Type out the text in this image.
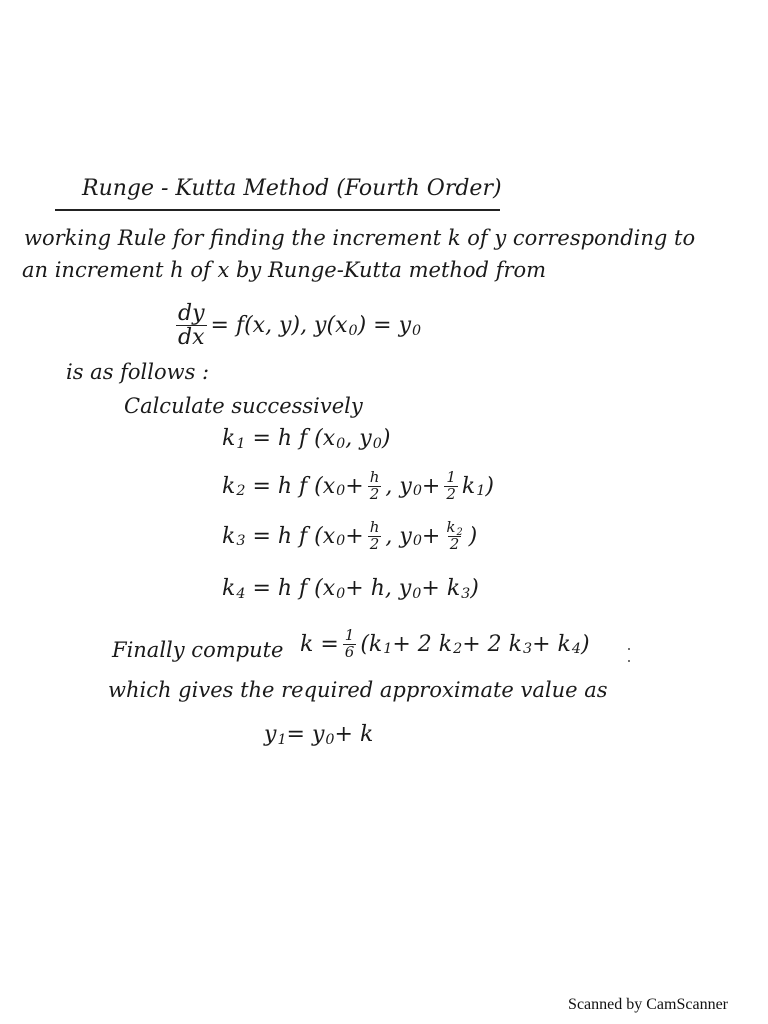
Runge - Kutta Method (Fourth Order)
working Rule for finding the increment k of y corresponding to
an increment h of x by Runge-Kutta method from
$\frac{dy}{dx} = f(x$, y), y(x 0 ) = y 0
is as follows :
Calculate successively
k 1
= h f (x 0 , y 0 )
k 2
= h f (x $0 + \frac{h}{2}$ , y $0 + \frac{1}{2}$ k 1 )
k 3
= h f (x $0 + \frac{h}{2}$ , y $0 + \frac{k_2}{2}$ )
k 4
= h f (x 0 + h, y 0 + k 3 )
Finally compute $k = \frac{1}{6} (k$ 1 + 2 k 2 + 2 k 3 + k 4 )
which gives the required approximate value as
y 1 = y 0 + k
Scanned by CamScanner
